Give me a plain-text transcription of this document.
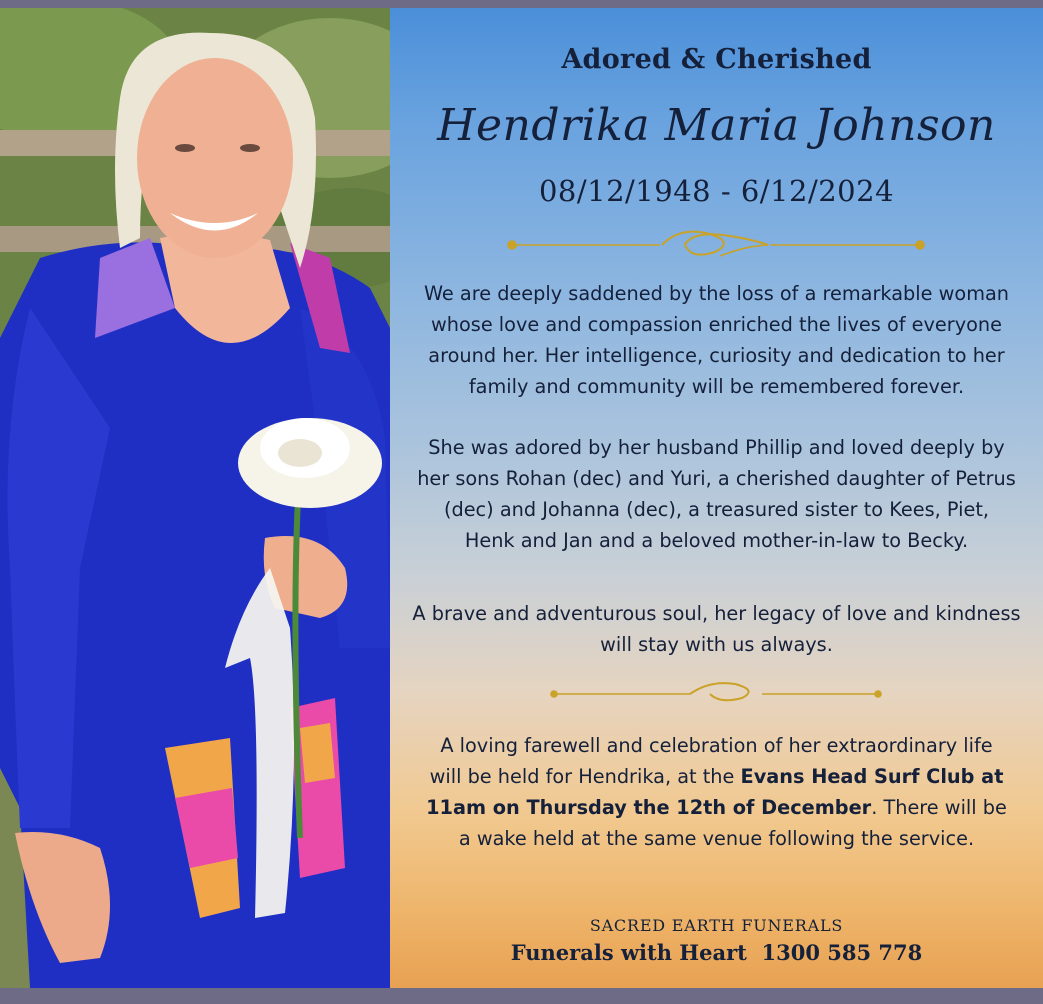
Adored & Cherished
Hendrika Maria Johnson
08/12/1948 - 6/12/2024
We are deeply saddened by the loss of a remarkable woman whose love and compassion enriched the lives of everyone around her. Her intelligence, curiosity and dedication to her family and community will be remembered forever.
She was adored by her husband Phillip and loved deeply by her sons Rohan (dec) and Yuri, a cherished daughter of Petrus (dec) and Johanna (dec), a treasured sister to Kees, Piet, Henk and Jan and a beloved mother-in-law to Becky.
A brave and adventurous soul, her legacy of love and kindness will stay with us always.
A loving farewell and celebration of her extraordinary life will be held for Hendrika, at the Evans Head Surf Club at 11am on Thursday the 12th of December. There will be a wake held at the same venue following the service.
SACRED EARTH FUNERALS
Funerals with Heart 1300 585 778
